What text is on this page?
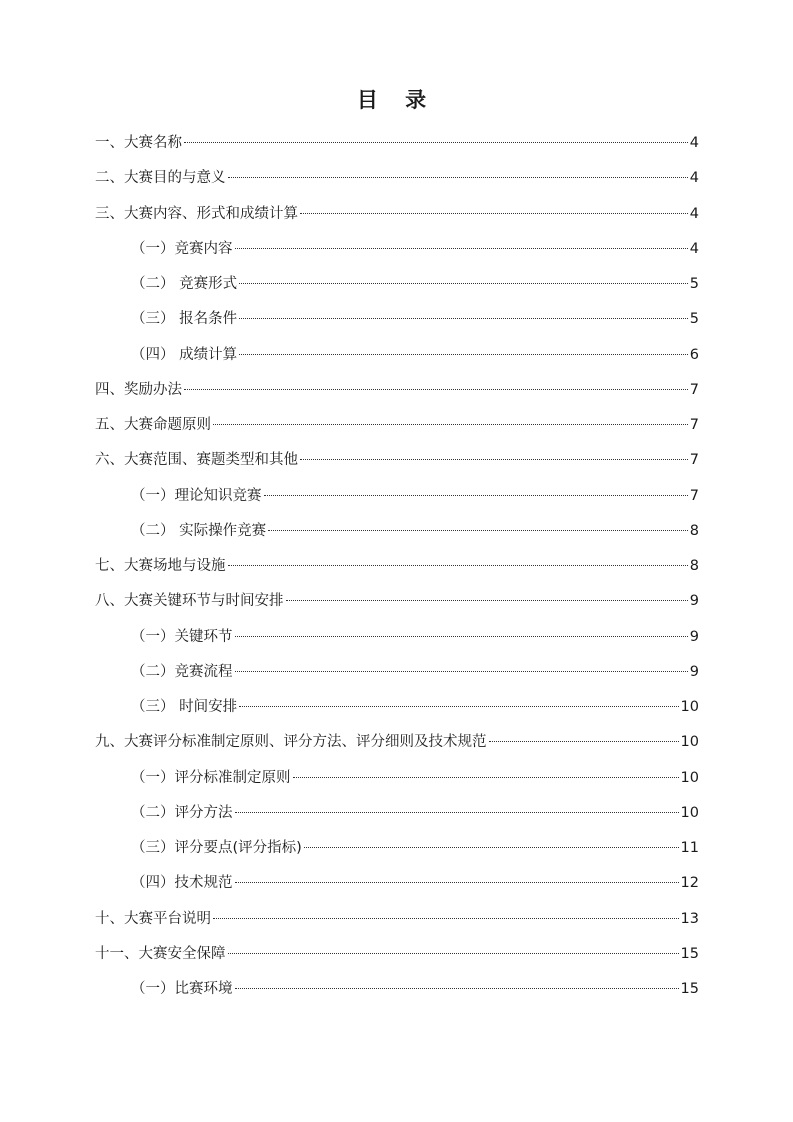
目 录
一、大赛名称	4
二、大赛目的与意义	4
三、大赛内容、形式和成绩计算	4
（一）竞赛内容	4
（二） 竞赛形式	5
（三） 报名条件	5
（四） 成绩计算	6
四、奖励办法	7
五、大赛命题原则	7
六、大赛范围、赛题类型和其他	7
（一）理论知识竞赛	7
（二） 实际操作竞赛	8
七、大赛场地与设施	8
八、大赛关键环节与时间安排	9
（一）关键环节	9
（二）竞赛流程	9
（三） 时间安排	10
九、大赛评分标准制定原则、评分方法、评分细则及技术规范	10
（一）评分标准制定原则	10
（二）评分方法	10
（三）评分要点(评分指标)	11
（四）技术规范	12
十、大赛平台说明	13
十一、大赛安全保障	15
（一）比赛环境	15
